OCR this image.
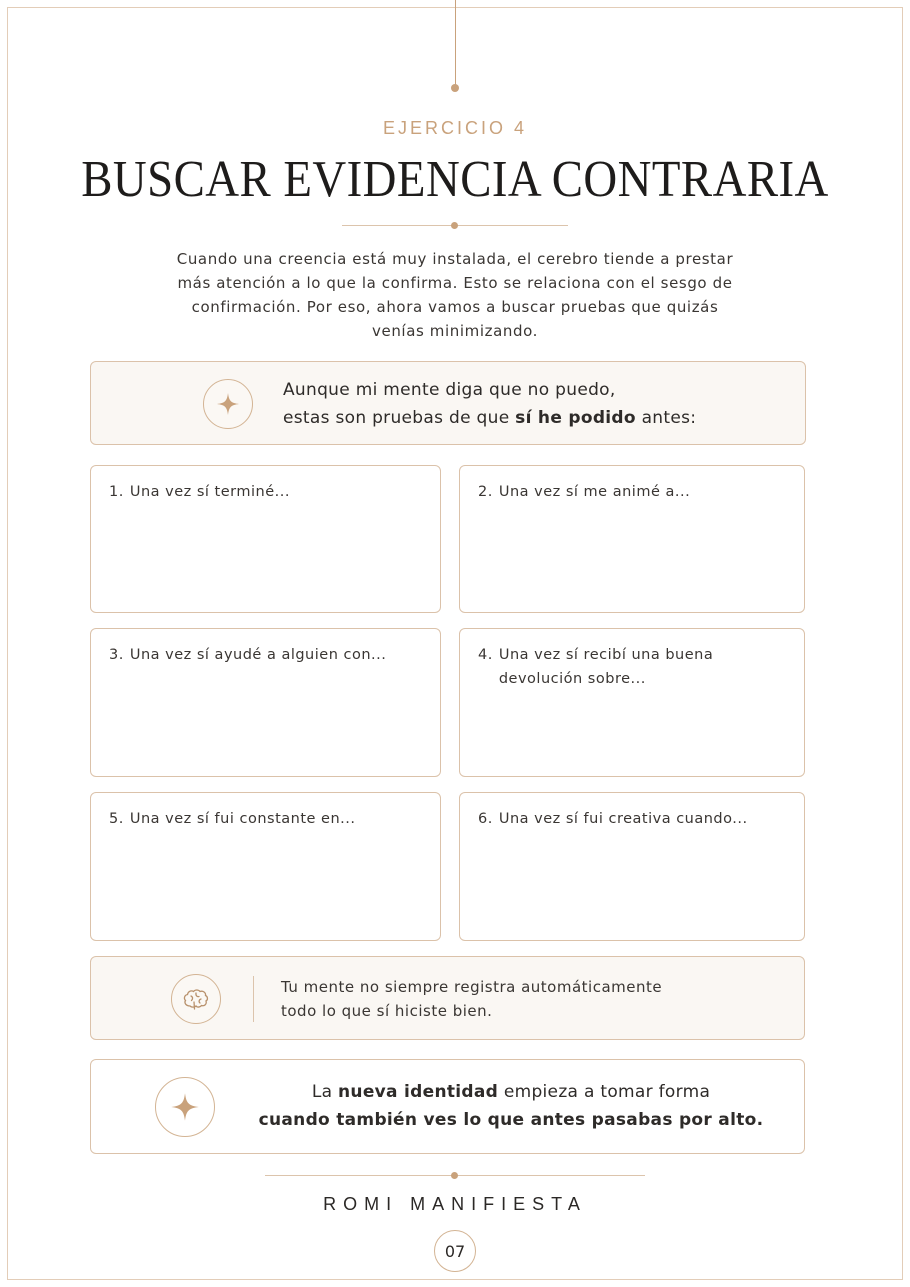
EJERCICIO 4
BUSCAR EVIDENCIA CONTRARIA
Cuando una creencia está muy instalada, el cerebro tiende a prestar
más atención a lo que la confirma. Esto se relaciona con el sesgo de
confirmación. Por eso, ahora vamos a buscar pruebas que quizás
venías minimizando.
Aunque mi mente diga que no puedo,
estas son pruebas de que sí he podido antes:
1. Una vez sí terminé...	2. Una vez sí me animé a...
3. Una vez sí ayudé a alguien con...	4. Una vez sí recibí una buena devolución sobre...
5. Una vez sí fui constante en...	6. Una vez sí fui creativa cuando...
Tu mente no siempre registra automáticamente
todo lo que sí hiciste bien.
La nueva identidad empieza a tomar forma
cuando también ves lo que antes pasabas por alto.
ROMI MANIFIESTA
07
